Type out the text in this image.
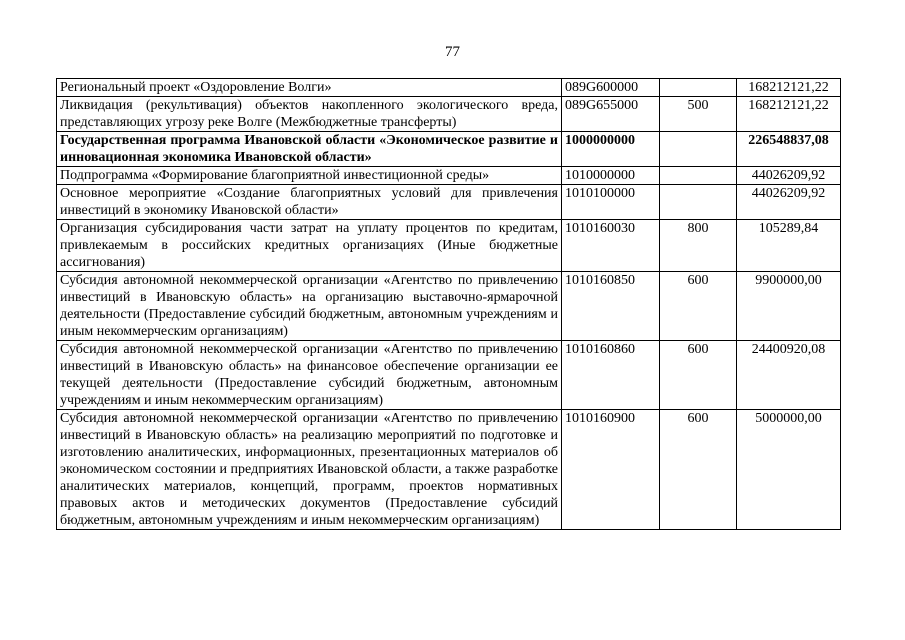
77
Региональный проект «Оздоровление Волги»	089G600000		168212121,22
Ликвидация (рекультивация) объектов накопленного экологического вреда, представляющих угрозу реке Волге (Межбюджетные трансферты)	089G655000	500	168212121,22
Государственная программа Ивановской области «Экономическое развитие и инновационная экономика Ивановской области»	1000000000		226548837,08
Подпрограмма «Формирование благоприятной инвестиционной среды»	1010000000		44026209,92
Основное мероприятие «Создание благоприятных условий для привлечения инвестиций в экономику Ивановской области»	1010100000		44026209,92
Организация субсидирования части затрат на уплату процентов по кредитам, привлекаемым в российских кредитных организациях (Иные бюджетные ассигнования)	1010160030	800	105289,84
Субсидия автономной некоммерческой организации «Агентство по привлечению инвестиций в Ивановскую область» на организацию выставочно-ярмарочной деятельности (Предоставление субсидий бюджетным, автономным учреждениям и иным некоммерческим организациям)	1010160850	600	9900000,00
Субсидия автономной некоммерческой организации «Агентство по привлечению инвестиций в Ивановскую область» на финансовое обеспечение организации ее текущей деятельности (Предоставление субсидий бюджетным, автономным учреждениям и иным некоммерческим организациям)	1010160860	600	24400920,08
Субсидия автономной некоммерческой организации «Агентство по привлечению инвестиций в Ивановскую область» на реализацию мероприятий по подготовке и изготовлению аналитических, информационных, презентационных материалов об экономическом состоянии и предприятиях Ивановской области, а также разработке аналитических материалов, концепций, программ, проектов нормативных правовых актов и методических документов (Предоставление субсидий бюджетным, автономным учреждениям и иным некоммерческим организациям)	1010160900	600	5000000,00
